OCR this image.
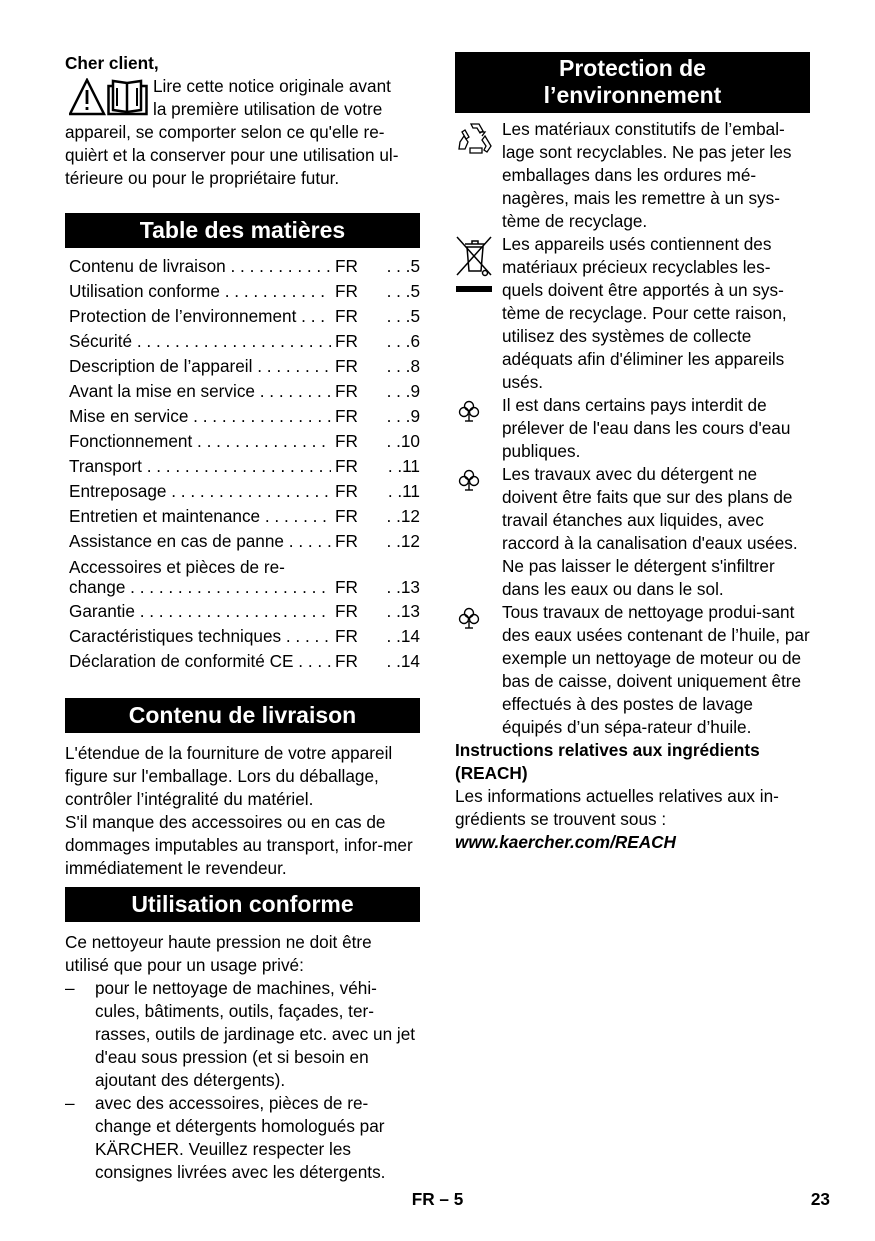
Cher client,
Lire cette notice originale avant
la première utilisation de votre
appareil, se comporter selon ce qu'elle re-quièrt et la conserver pour une utilisation ul-térieure ou pour le propriétaire futur.
Table des matières
Contenu de livraison . . .	FR	. . .5
Utilisation conforme . . .	FR	. . .5
Protection de l’environnement . . .	FR	. . .5
Sécurité . . .	FR	. . .6
Description de l’appareil . . .	FR	. . .8
Avant la mise en service . . .	FR	. . .9
Mise en service . . .	FR	. . .9
Fonctionnement . . .	FR	. .10
Transport . . .	FR	. .11
Entreposage . . .	FR	. .11
Entretien et maintenance . . .	FR	. .12
Assistance en cas de panne . . .	FR	. .12
Accessoires et pièces de re-
change . . .	FR	. .13
Garantie . . .	FR	. .13
Caractéristiques techniques . . .	FR	. .14
Déclaration de conformité CE . . .	FR	. .14
Contenu de livraison
L'étendue de la fourniture de votre appareil figure sur l'emballage. Lors du déballage, contrôler l’intégralité du matériel.
S'il manque des accessoires ou en cas de dommages imputables au transport, infor-mer immédiatement le revendeur.
Utilisation conforme
Ce nettoyeur haute pression ne doit être utilisé que pour un usage privé:
–	pour le nettoyage de machines, véhi-cules, bâtiments, outils, façades, ter-rasses, outils de jardinage etc. avec un jet d'eau sous pression (et si besoin en ajoutant des détergents).
–	avec des accessoires, pièces de re-change et détergents homologués par KÄRCHER. Veuillez respecter les consignes livrées avec les détergents.
Protection de
l’environnement
Les matériaux constitutifs de l’embal-lage sont recyclables. Ne pas jeter les emballages dans les ordures mé-nagères, mais les remettre à un sys-tème de recyclage.
Les appareils usés contiennent des matériaux précieux recyclables les-quels doivent être apportés à un sys-tème de recyclage. Pour cette raison, utilisez des systèmes de collecte adéquats afin d'éliminer les appareils usés.
Il est dans certains pays interdit de prélever de l'eau dans les cours d'eau publiques.
Les travaux avec du détergent ne doivent être faits que sur des plans de travail étanches aux liquides, avec raccord à la canalisation d'eaux usées. Ne pas laisser le détergent s'infiltrer dans les eaux ou dans le sol.
Tous travaux de nettoyage produi-sant des eaux usées contenant de l’huile, par exemple un nettoyage de moteur ou de bas de caisse, doivent uniquement être effectués à des postes de lavage équipés d’un sépa-rateur d’huile.
Instructions relatives aux ingrédients (REACH)
Les informations actuelles relatives aux in-grédients se trouvent sous :
www.kaercher.com/REACH
FR – 5	23
